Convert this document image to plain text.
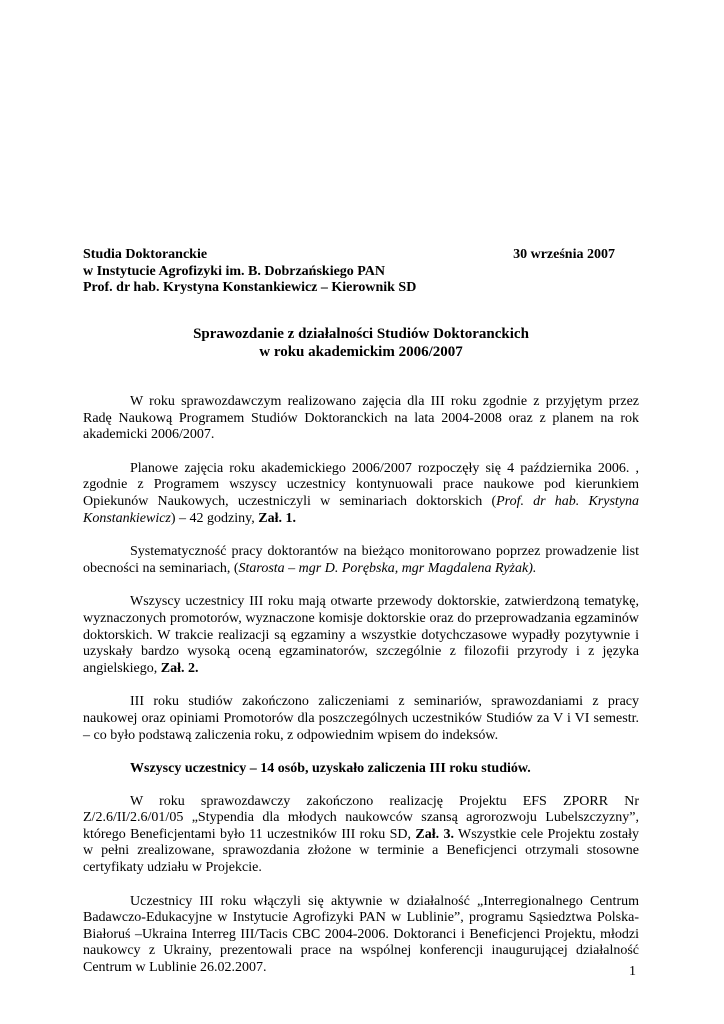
Studia Doktoranckie	30 września 2007
w Instytucie Agrofizyki im. B. Dobrzańskiego PAN
Prof. dr hab. Krystyna Konstankiewicz – Kierownik SD
Sprawozdanie z działalności Studiów Doktoranckich
w roku akademickim 2006/2007

W roku sprawozdawczym realizowano zajęcia dla III roku zgodnie z przyjętym przez Radę Naukową Programem Studiów Doktoranckich na lata 2004-2008 oraz z planem na rok akademicki 2006/2007.

Planowe zajęcia roku akademickiego 2006/2007 rozpoczęły się 4 października 2006. , zgodnie z Programem wszyscy uczestnicy kontynuowali prace naukowe pod kierunkiem Opiekunów Naukowych, uczestniczyli w seminariach doktorskich (Prof. dr hab. Krystyna Konstankiewicz) – 42 godziny, Zał. 1.

Systematyczność pracy doktorantów na bieżąco monitorowano poprzez prowadzenie list obecności na seminariach, (Starosta – mgr D. Porębska, mgr Magdalena Ryżak).

Wszyscy uczestnicy III roku mają otwarte przewody doktorskie, zatwierdzoną tematykę, wyznaczonych promotorów, wyznaczone komisje doktorskie oraz do przeprowadzania egzaminów doktorskich. W trakcie realizacji są egzaminy a wszystkie dotychczasowe wypadły pozytywnie i uzyskały bardzo wysoką oceną egzaminatorów, szczególnie z filozofii przyrody i z języka angielskiego, Zał. 2.

III roku studiów zakończono zaliczeniami z seminariów, sprawozdaniami z pracy naukowej oraz opiniami Promotorów dla poszczególnych uczestników Studiów za V i VI semestr. – co było podstawą zaliczenia roku, z odpowiednim wpisem do indeksów.

Wszyscy uczestnicy – 14 osób, uzyskało zaliczenia III roku studiów.

W roku sprawozdawczy zakończono realizację Projektu EFS ZPORR Nr Z/2.6/II/2.6/01/05 „Stypendia dla młodych naukowców szansą agrorozwoju Lubelszczyzny”, którego Beneficjentami było 11 uczestników III roku SD, Zał. 3. Wszystkie cele Projektu zostały w pełni zrealizowane, sprawozdania złożone w terminie a Beneficjenci otrzymali stosowne certyfikaty udziału w Projekcie.

Uczestnicy III roku włączyli się aktywnie w działalność „Interregionalnego Centrum Badawczo-Edukacyjne w Instytucie Agrofizyki PAN w Lublinie”, programu Sąsiedztwa Polska-Białoruś –Ukraina Interreg III/Tacis CBC 2004-2006. Doktoranci i Beneficjenci Projektu, młodzi naukowcy z Ukrainy, prezentowali prace na wspólnej konferencji inaugurującej działalność Centrum w Lublinie 26.02.2007.	1
